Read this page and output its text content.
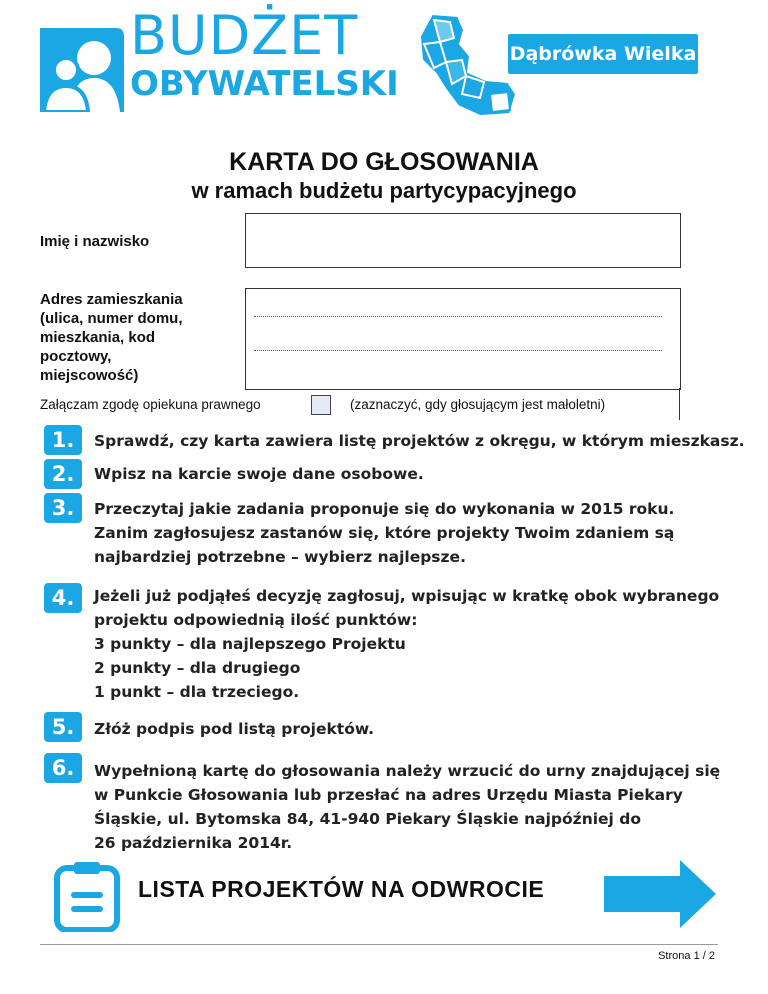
BUDŻET
OBYWATELSKI
Dąbrówka Wielka
KARTA DO GŁOSOWANIA
w ramach budżetu partycypacyjnego
Imię i nazwisko
Adres zamieszkania
(ulica, numer domu,
mieszkania, kod
pocztowy,
miejscowość)
Załączam zgodę opiekuna prawnego	(zaznaczyć, gdy głosującym jest małoletni)
1.	Sprawdź, czy karta zawiera listę projektów z okręgu, w którym mieszkasz.
2.	Wpisz na karcie swoje dane osobowe.
3.	Przeczytaj jakie zadania proponuje się do wykonania w 2015 roku.
Zanim zagłosujesz zastanów się, które projekty Twoim zdaniem są
najbardziej potrzebne – wybierz najlepsze.
4.	Jeżeli już podjąłeś decyzję zagłosuj, wpisując w kratkę obok wybranego
projektu odpowiednią ilość punktów:
3 punkty – dla najlepszego Projektu
2 punkty – dla drugiego
1 punkt – dla trzeciego.
5.	Złóż podpis pod listą projektów.
6.	Wypełnioną kartę do głosowania należy wrzucić do urny znajdującej się
w Punkcie Głosowania lub przesłać na adres Urzędu Miasta Piekary
Śląskie, ul. Bytomska 84, 41-940 Piekary Śląskie najpóźniej do
26 października 2014r.
LISTA PROJEKTÓW NA ODWROCIE
Strona 1 / 2
